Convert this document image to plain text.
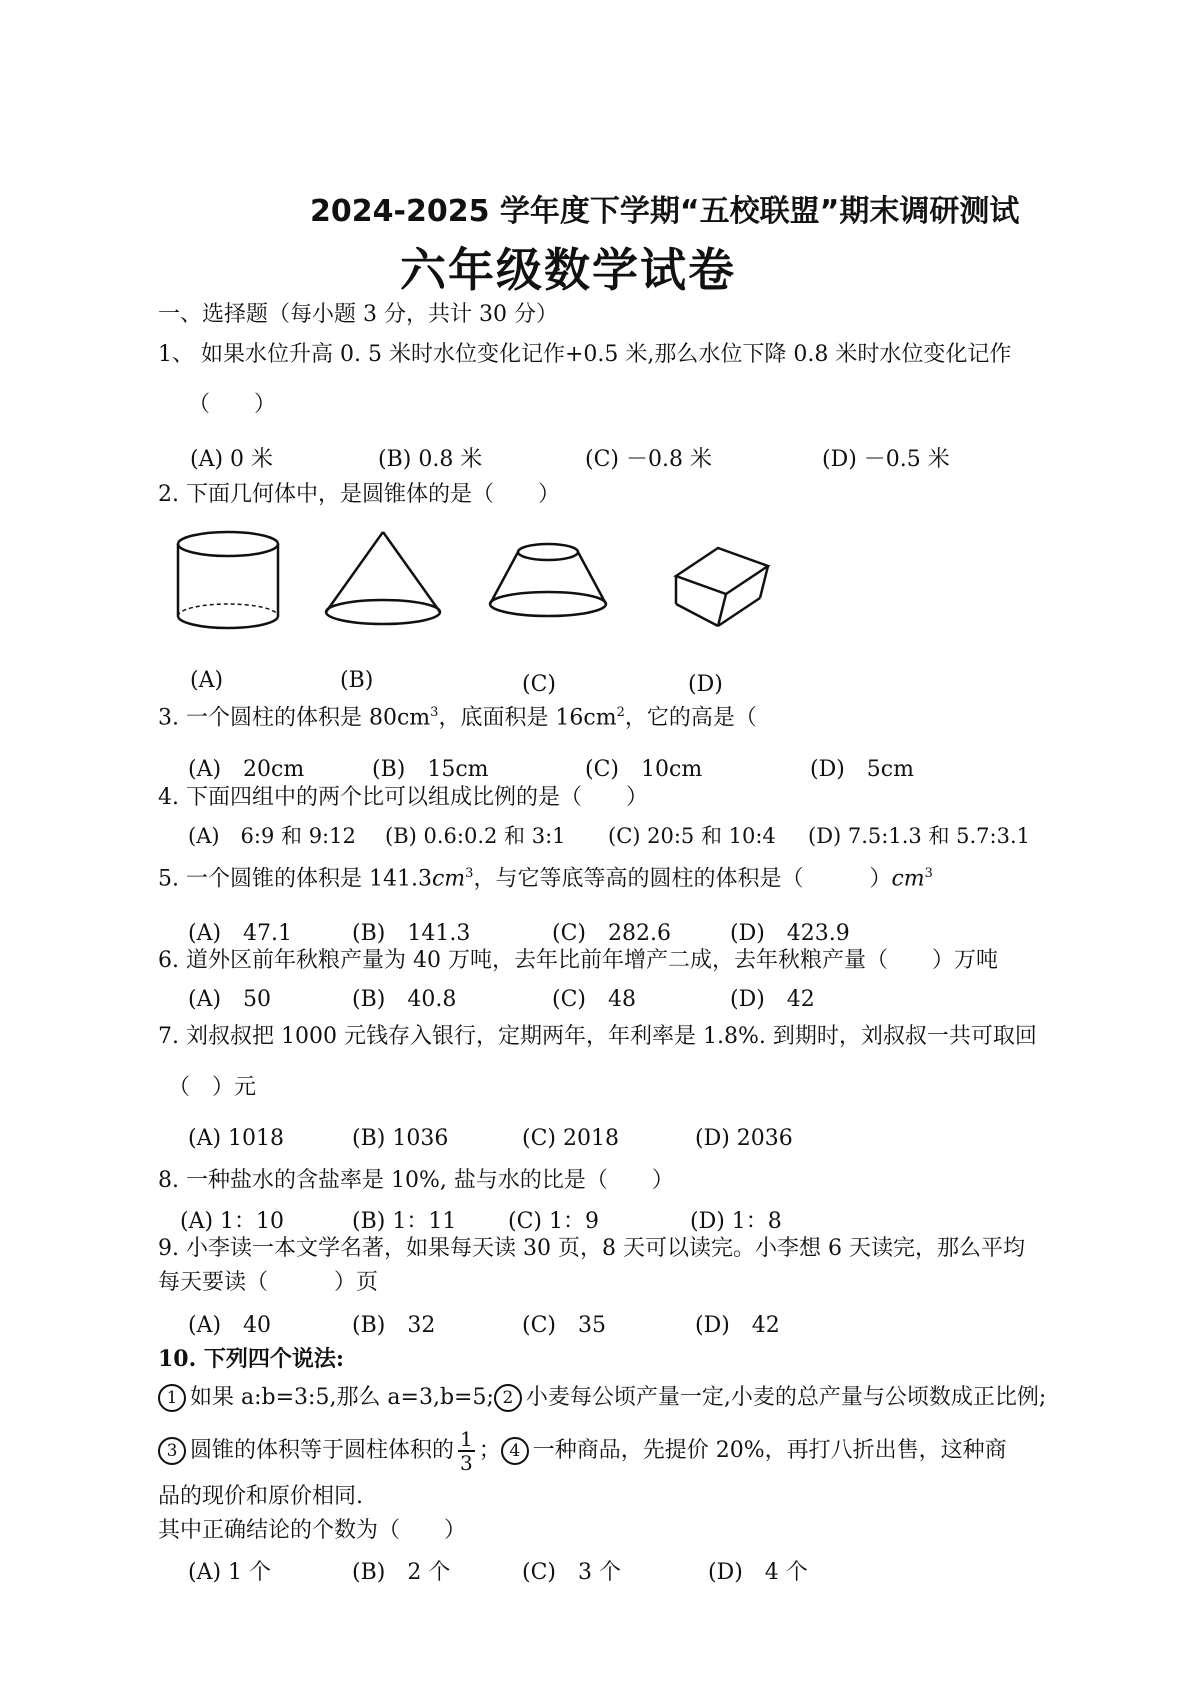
2024-2025 学年度下学期“五校联盟”期末调研测试
六年级数学试卷
一、选择题（每小题 3 分，共计 30 分）
1、 如果水位升高 0. 5 米时水位变化记作+0.5 米,那么水位下降 0.8 米时水位变化记作
（　　）
(A) 0 米	(B) 0.8 米	(C) －0.8 米	(D) －0.5 米
2. 下面几何体中，是圆锥体的是（　　）
(A)	(B)	(C)	(D)
3. 一个圆柱的体积是 $80cm^3$，底面积是 $16cm^2$，它的高是（
(A)　20cm	(B)　15cm	(C)　10cm	(D)　5cm
4. 下面四组中的两个比可以组成比例的是（　　）
(A)　6:9 和 9:12 (B) 0.6:0.2 和 3:1 (C) 20:5 和 10:4 (D) 7.5:1.3 和 5.7:3.1
5. 一个圆锥的体积是 $141.3cm^3$，与它等底等高的圆柱的体积是（　　　）$cm^3$
(A)　47.1	(B)　141.3	(C)　282.6	(D)　423.9
6. 道外区前年秋粮产量为 40 万吨，去年比前年增产二成，去年秋粮产量（　　）万吨
(A)　50	(B)　40.8	(C)　48	(D)　42
7. 刘叔叔把 1000 元钱存入银行，定期两年，年利率是 1.8%. 到期时，刘叔叔一共可取回
（　）元
(A) 1018	(B) 1036	(C) 2018	(D) 2036
8. 一种盐水的含盐率是 10%, 盐与水的比是（　　）
(A) 1：10	(B) 1：11 (C) 1：9	(D) 1：8
9. 小李读一本文学名著，如果每天读 30 页，8 天可以读完。小李想 6 天读完，那么平均
每天要读（　　　）页
(A)　40	(B)　32	(C)　35	(D)　42
10. 下列四个说法:
1 如果 a:b=3:5,那么 a=3,b=5; 2 小麦每公顷产量一定,小麦的总产量与公顷数成正比例;
3 圆锥的体积等于圆柱体积的 $\frac{1}{3}$ ； 4 一种商品，先提价 20%，再打八折出售，这种商
品的现价和原价相同.
其中正确结论的个数为（　　）
(A) 1 个	(B)　2 个	(C)　3 个	(D)　4 个
